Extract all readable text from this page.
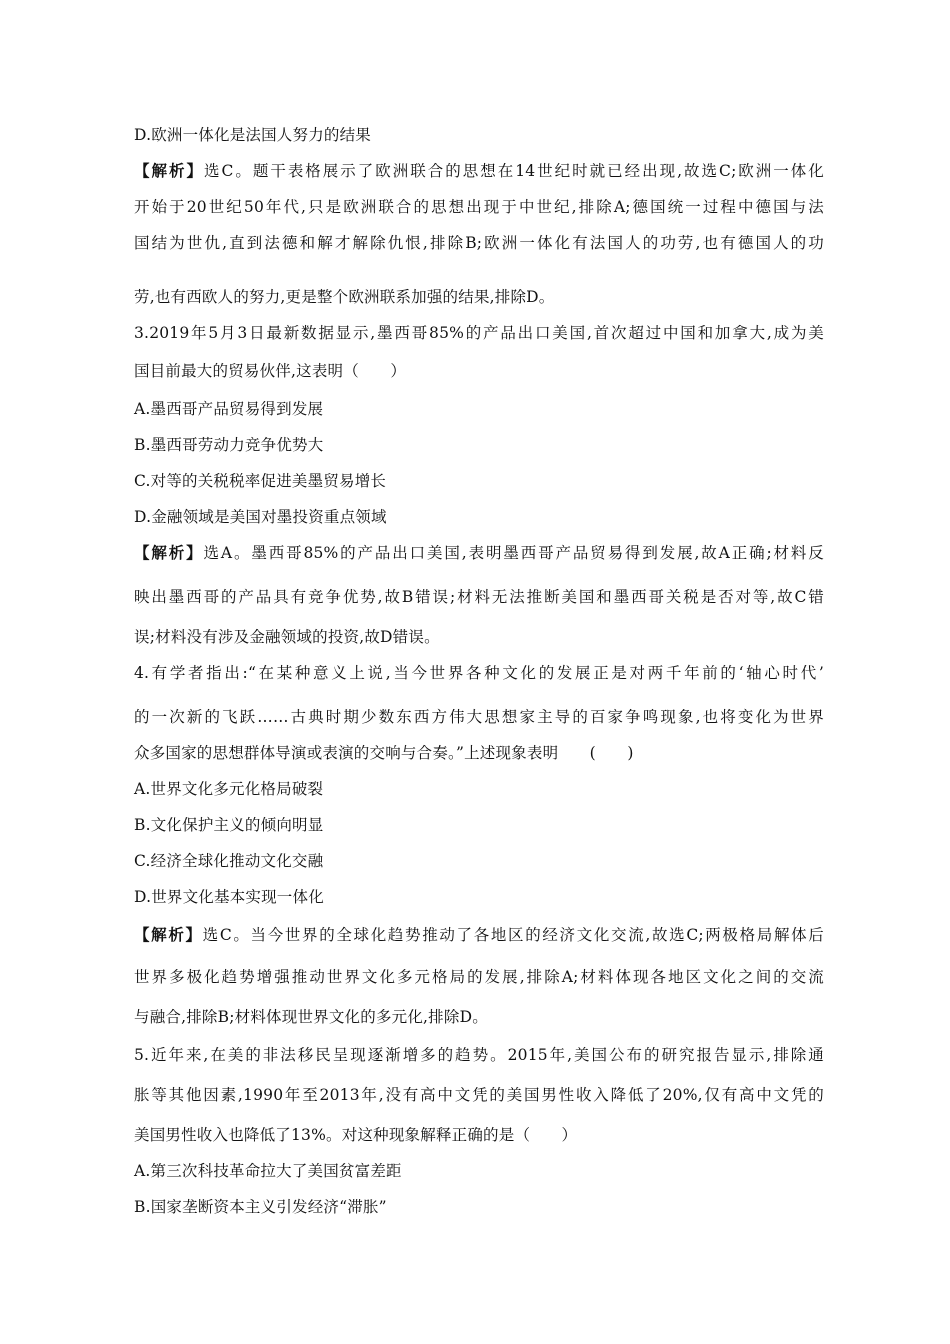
D.欧洲一体化是法国人努力的结果
【解析】选C。题干表格展示了欧洲联合的思想在14世纪时就已经出现,故选C;欧洲一体化
开始于20世纪50年代,只是欧洲联合的思想出现于中世纪,排除A;德国统一过程中德国与法
国结为世仇,直到法德和解才解除仇恨,排除B;欧洲一体化有法国人的功劳,也有德国人的功
劳,也有西欧人的努力,更是整个欧洲联系加强的结果,排除D。
3.2019年5月3日最新数据显示,墨西哥85%的产品出口美国,首次超过中国和加拿大,成为美
国目前最大的贸易伙伴,这表明（　　）
A.墨西哥产品贸易得到发展
B.墨西哥劳动力竞争优势大
C.对等的关税税率促进美墨贸易增长
D.金融领域是美国对墨投资重点领域
【解析】选A。墨西哥85%的产品出口美国,表明墨西哥产品贸易得到发展,故A正确;材料反
映出墨西哥的产品具有竞争优势,故B错误;材料无法推断美国和墨西哥关税是否对等,故C错
误;材料没有涉及金融领域的投资,故D错误。
4.有学者指出:“在某种意义上说,当今世界各种文化的发展正是对两千年前的‘轴心时代’
的一次新的飞跃……古典时期少数东西方伟大思想家主导的百家争鸣现象,也将变化为世界
众多国家的思想群体导演或表演的交响与合奏。”上述现象表明　　(　　)
A.世界文化多元化格局破裂
B.文化保护主义的倾向明显
C.经济全球化推动文化交融
D.世界文化基本实现一体化
【解析】选C。当今世界的全球化趋势推动了各地区的经济文化交流,故选C;两极格局解体后
世界多极化趋势增强推动世界文化多元格局的发展,排除A;材料体现各地区文化之间的交流
与融合,排除B;材料体现世界文化的多元化,排除D。
5.近年来,在美的非法移民呈现逐渐增多的趋势。2015年,美国公布的研究报告显示,排除通
胀等其他因素,1990年至2013年,没有高中文凭的美国男性收入降低了20%,仅有高中文凭的
美国男性收入也降低了13%。对这种现象解释正确的是（　　）
A.第三次科技革命拉大了美国贫富差距
B.国家垄断资本主义引发经济“滞胀”
